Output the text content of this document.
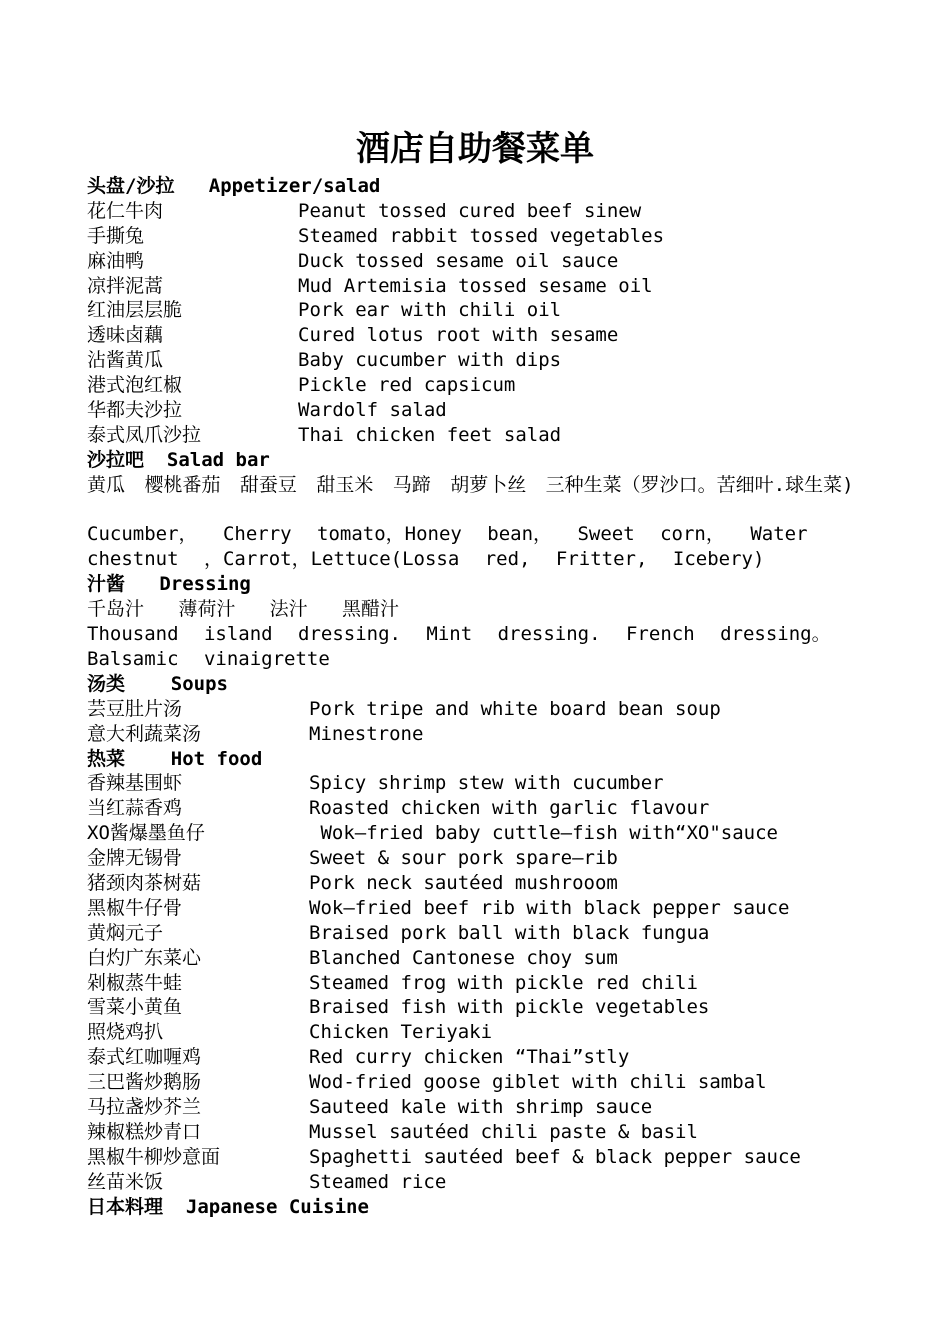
酒店自助餐菜单
头盘/沙拉   Appetizer/salad
花仁牛肉	Peanut tossed cured beef sinew
手撕兔	Steamed rabbit tossed vegetables
麻油鸭	Duck tossed sesame oil sauce
凉拌泥蒿	Mud Artemisia tossed sesame oil
红油层层脆	Pork ear with chili oil
透味卤藕	Cured lotus root with sesame
沾酱黄瓜	Baby cucumber with dips
港式泡红椒	Pickle red capsicum
华都夫沙拉	Wardolf salad
泰式凤爪沙拉	Thai chicken feet salad
沙拉吧  Salad bar
黄瓜 樱桃番茄 甜蚕豆 甜玉米 马蹄 胡萝卜丝 三种生菜（罗沙口。苦细叶.球生菜)
Cucumber， Cherry tomato，Honey bean， Sweet corn， Water chestnut ，Carrot，Lettuce(Lossa red, Fritter, Icebery)
汁酱   Dressing
千岛汁   薄荷汁   法汁   黑醋汁
Thousand island dressing. Mint dressing. French dressing。 Balsamic vinaigrette
汤类    Soups
芸豆肚片汤	Pork tripe and white board bean soup
意大利蔬菜汤	Minestrone
热菜    Hot food
香辣基围虾	Spicy shrimp stew with cucumber
当红蒜香鸡	Roasted chicken with garlic flavour
XO酱爆墨鱼仔	Wok—fried baby cuttle—fish with“XO"sauce
金牌无锡骨	Sweet & sour pork spare—rib
猪颈肉茶树菇	Pork neck sautéed mushrooom
黑椒牛仔骨	Wok—fried beef rib with black pepper sauce
黄焖元子	Braised pork ball with black fungua
白灼广东菜心	Blanched Cantonese choy sum
剁椒蒸牛蛙	Steamed frog with pickle red chili
雪菜小黄鱼	Braised fish with pickle vegetables
照烧鸡扒	Chicken Teriyaki
泰式红咖喱鸡	Red curry chicken “Thai”stly
三巴酱炒鹅肠	Wod-fried goose giblet with chili sambal
马拉盏炒芥兰	Sauteed kale with shrimp sauce
辣椒糕炒青口	Mussel sautéed chili paste & basil
黑椒牛柳炒意面	Spaghetti sautéed beef & black pepper sauce
丝苗米饭	Steamed rice
日本料理  Japanese Cuisine
